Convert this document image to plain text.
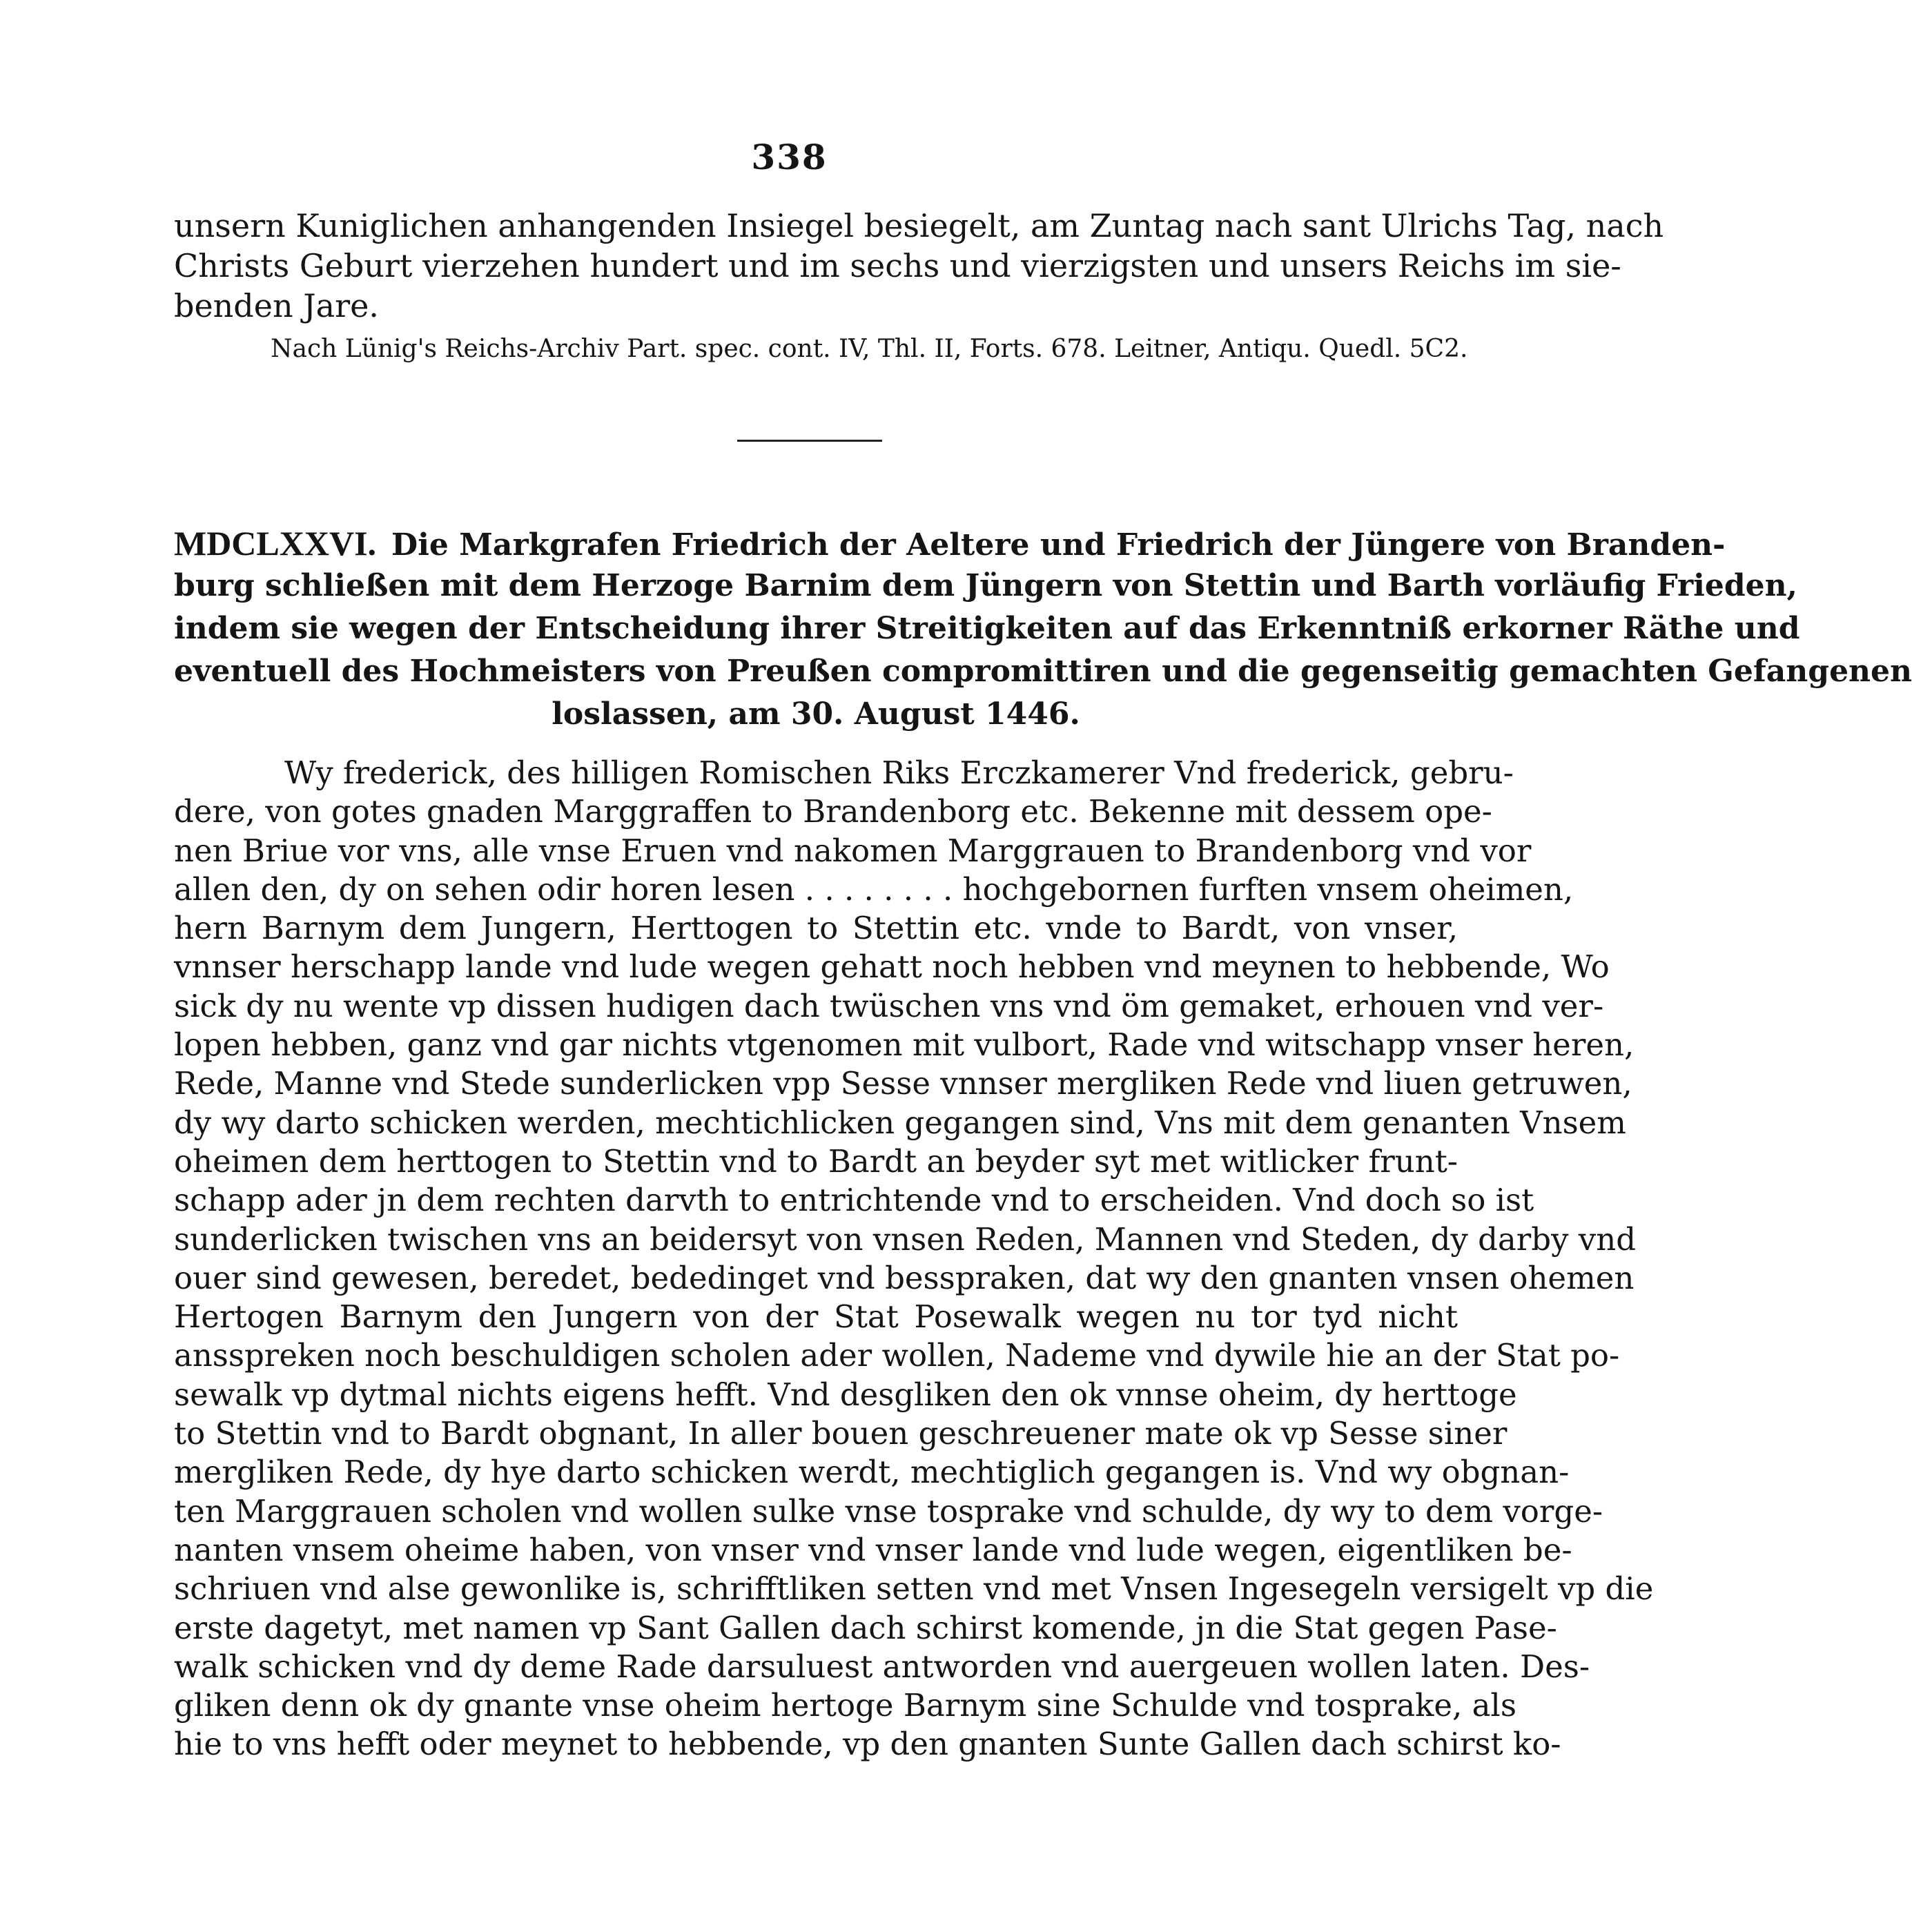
338
unsern Kuniglichen anhangenden Insiegel besiegelt, am Zuntag nach sant Ulrichs Tag, nach
Christs Geburt vierzehen hundert und im sechs und vierzigsten und unsers Reichs im sie-
benden Jare.
Nach Lünig's Reichs-Archiv Part. spec. cont. IV, Thl. II, Forts. 678. Leitner, Antiqu. Quedl. 5C2.
MDCLXXVI. Die Markgrafen Friedrich der Aeltere und Friedrich der Jüngere von Branden-
burg schließen mit dem Herzoge Barnim dem Jüngern von Stettin und Barth vorläufig Frieden,
indem sie wegen der Entscheidung ihrer Streitigkeiten auf das Erkenntniß erkorner Räthe und
eventuell des Hochmeisters von Preußen compromittiren und die gegenseitig gemachten Gefangenen
loslassen, am 30. August 1446.
Wy frederick, des hilligen Romischen Riks Erczkamerer Vnd frederick, gebru-
dere, von gotes gnaden Marggraffen to Brandenborg etc. Bekenne mit dessem ope-
nen Briue vor vns, alle vnse Eruen vnd nakomen Marggrauen to Brandenborg vnd vor
allen den, dy on sehen odir horen lesen . . . . . . . . hochgebornen furften vnsem oheimen,
hern Barnym dem Jungern, Herttogen to Stettin etc. vnde to Bardt, von vnser,
vnnser herschapp lande vnd lude wegen gehatt noch hebben vnd meynen to hebbende, Wo
sick dy nu wente vp dissen hudigen dach twüschen vns vnd öm gemaket, erhouen vnd ver-
lopen hebben, ganz vnd gar nichts vtgenomen mit vulbort, Rade vnd witschapp vnser heren,
Rede, Manne vnd Stede sunderlicken vpp Sesse vnnser mergliken Rede vnd liuen getruwen,
dy wy darto schicken werden, mechtichlicken gegangen sind, Vns mit dem genanten Vnsem
oheimen dem herttogen to Stettin vnd to Bardt an beyder syt met witlicker frunt-
schapp ader jn dem rechten darvth to entrichtende vnd to erscheiden. Vnd doch so ist
sunderlicken twischen vns an beidersyt von vnsen Reden, Mannen vnd Steden, dy darby vnd
ouer sind gewesen, beredet, bededinget vnd besspraken, dat wy den gnanten vnsen ohemen
Hertogen Barnym den Jungern von der Stat Posewalk wegen nu tor tyd nicht
ansspreken noch beschuldigen scholen ader wollen, Nademe vnd dywile hie an der Stat po-
sewalk vp dytmal nichts eigens hefft. Vnd desgliken den ok vnnse oheim, dy herttoge
to Stettin vnd to Bardt obgnant, In aller bouen geschreuener mate ok vp Sesse siner
mergliken Rede, dy hye darto schicken werdt, mechtiglich gegangen is. Vnd wy obgnan-
ten Marggrauen scholen vnd wollen sulke vnse tosprake vnd schulde, dy wy to dem vorge-
nanten vnsem oheime haben, von vnser vnd vnser lande vnd lude wegen, eigentliken be-
schriuen vnd alse gewonlike is, schrifftliken setten vnd met Vnsen Ingesegeln versigelt vp die
erste dagetyt, met namen vp Sant Gallen dach schirst komende, jn die Stat gegen Pase-
walk schicken vnd dy deme Rade darsuluest antworden vnd auergeuen wollen laten. Des-
gliken denn ok dy gnante vnse oheim hertoge Barnym sine Schulde vnd tosprake, als
hie to vns hefft oder meynet to hebbende, vp den gnanten Sunte Gallen dach schirst ko-
